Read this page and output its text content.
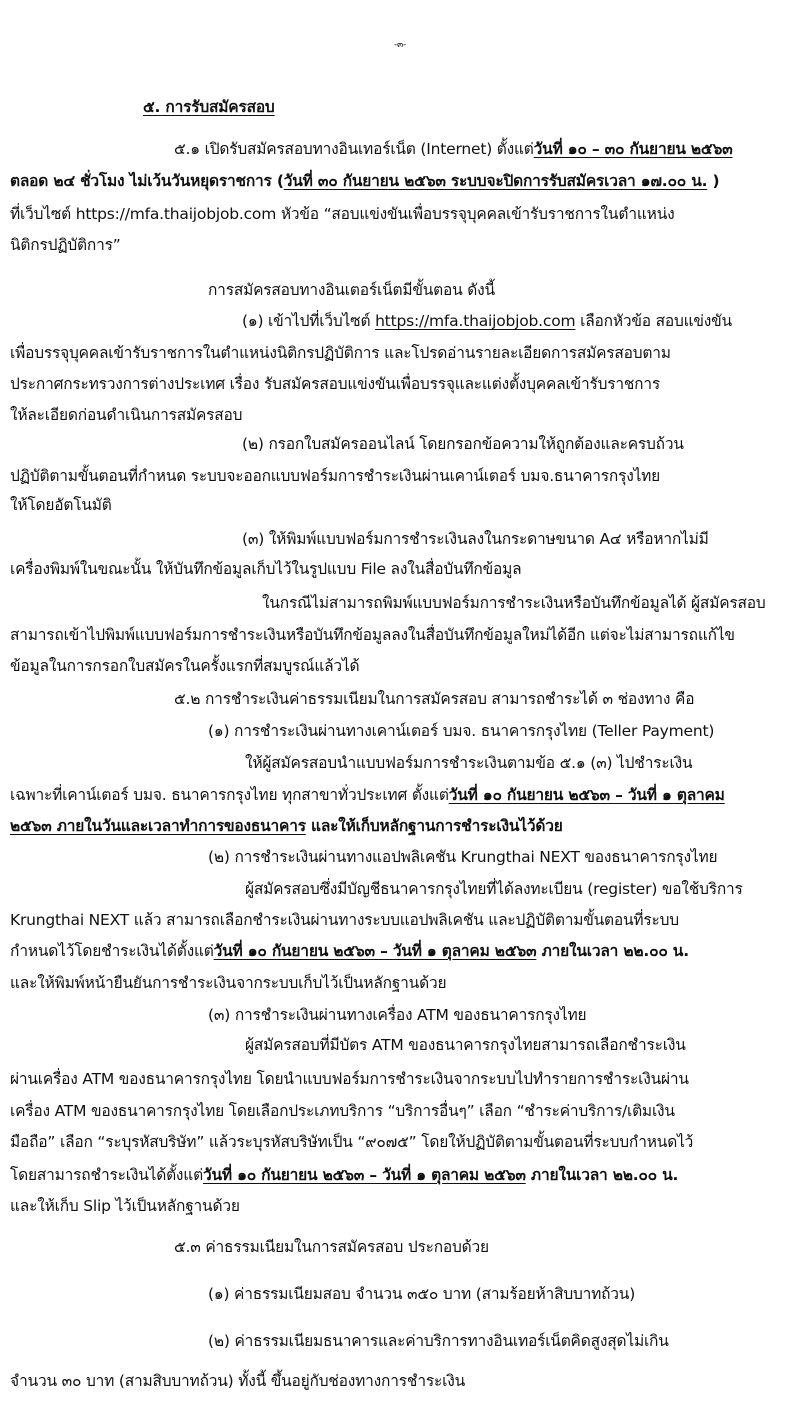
-๓-
๕. การรับสมัครสอบ
๕.๑ เปิดรับสมัครสอบทางอินเทอร์เน็ต (Internet) ตั้งแต่วันที่ ๑๐ – ๓๐ กันยายน ๒๕๖๓
ตลอด ๒๔ ชั่วโมง ไม่เว้นวันหยุดราชการ (วันที่ ๓๐ กันยายน ๒๕๖๓ ระบบจะปิดการรับสมัครเวลา ๑๗.๐๐ น. )
ที่เว็บไซต์ https://mfa.thaijobjob.com หัวข้อ “สอบแข่งขันเพื่อบรรจุบุคคลเข้ารับราชการในตำแหน่ง
นิติกรปฏิบัติการ”
การสมัครสอบทางอินเตอร์เน็ตมีขั้นตอน ดังนี้
(๑) เข้าไปที่เว็บไซต์ https://mfa.thaijobjob.com เลือกหัวข้อ สอบแข่งขัน
เพื่อบรรจุบุคคลเข้ารับราชการในตำแหน่งนิติกรปฏิบัติการ และโปรดอ่านรายละเอียดการสมัครสอบตาม
ประกาศกระทรวงการต่างประเทศ เรื่อง รับสมัครสอบแข่งขันเพื่อบรรจุและแต่งตั้งบุคคลเข้ารับราชการ
ให้ละเอียดก่อนดำเนินการสมัครสอบ
(๒) กรอกใบสมัครออนไลน์ โดยกรอกข้อความให้ถูกต้องและครบถ้วน
ปฏิบัติตามขั้นตอนที่กำหนด ระบบจะออกแบบฟอร์มการชำระเงินผ่านเคาน์เตอร์ บมจ.ธนาคารกรุงไทย
ให้โดยอัตโนมัติ
(๓) ให้พิมพ์แบบฟอร์มการชำระเงินลงในกระดาษขนาด A๔ หรือหากไม่มี
เครื่องพิมพ์ในขณะนั้น ให้บันทึกข้อมูลเก็บไว้ในรูปแบบ File ลงในสื่อบันทึกข้อมูล
ในกรณีไม่สามารถพิมพ์แบบฟอร์มการชำระเงินหรือบันทึกข้อมูลได้ ผู้สมัครสอบ
สามารถเข้าไปพิมพ์แบบฟอร์มการชำระเงินหรือบันทึกข้อมูลลงในสื่อบันทึกข้อมูลใหม่ได้อีก แต่จะไม่สามารถแก้ไข
ข้อมูลในการกรอกใบสมัครในครั้งแรกที่สมบูรณ์แล้วได้
๕.๒ การชำระเงินค่าธรรมเนียมในการสมัครสอบ สามารถชำระได้ ๓ ช่องทาง คือ
(๑) การชำระเงินผ่านทางเคาน์เตอร์ บมจ. ธนาคารกรุงไทย (Teller Payment)
ให้ผู้สมัครสอบนำแบบฟอร์มการชำระเงินตามข้อ ๕.๑ (๓) ไปชำระเงิน
เฉพาะที่เคาน์เตอร์ บมจ. ธนาคารกรุงไทย ทุกสาขาทั่วประเทศ ตั้งแต่วันที่ ๑๐ กันยายน ๒๕๖๓ – วันที่ ๑ ตุลาคม
๒๕๖๓ ภายในวันและเวลาทำการของธนาคาร และให้เก็บหลักฐานการชำระเงินไว้ด้วย
(๒) การชำระเงินผ่านทางแอปพลิเคชัน Krungthai NEXT ของธนาคารกรุงไทย
ผู้สมัครสอบซึ่งมีบัญชีธนาคารกรุงไทยที่ได้ลงทะเบียน (register) ขอใช้บริการ
Krungthai NEXT แล้ว สามารถเลือกชำระเงินผ่านทางระบบแอปพลิเคชัน และปฏิบัติตามขั้นตอนที่ระบบ
กำหนดไว้โดยชำระเงินได้ตั้งแต่วันที่ ๑๐ กันยายน ๒๕๖๓ – วันที่ ๑ ตุลาคม ๒๕๖๓ ภายในเวลา ๒๒.๐๐ น.
และให้พิมพ์หน้ายืนยันการชำระเงินจากระบบเก็บไว้เป็นหลักฐานด้วย
(๓) การชำระเงินผ่านทางเครื่อง ATM ของธนาคารกรุงไทย
ผู้สมัครสอบที่มีบัตร ATM ของธนาคารกรุงไทยสามารถเลือกชำระเงิน
ผ่านเครื่อง ATM ของธนาคารกรุงไทย โดยนำแบบฟอร์มการชำระเงินจากระบบไปทำรายการชำระเงินผ่าน
เครื่อง ATM ของธนาคารกรุงไทย โดยเลือกประเภทบริการ “บริการอื่นๆ” เลือก “ชำระค่าบริการ/เติมเงิน
มือถือ” เลือก “ระบุรหัสบริษัท” แล้วระบุรหัสบริษัทเป็น “๙๐๗๕” โดยให้ปฏิบัติตามขั้นตอนที่ระบบกำหนดไว้
โดยสามารถชำระเงินได้ตั้งแต่วันที่ ๑๐ กันยายน ๒๕๖๓ – วันที่ ๑ ตุลาคม ๒๕๖๓ ภายในเวลา ๒๒.๐๐ น.
และให้เก็บ Slip ไว้เป็นหลักฐานด้วย
๕.๓ ค่าธรรมเนียมในการสมัครสอบ ประกอบด้วย
(๑) ค่าธรรมเนียมสอบ จำนวน ๓๕๐ บาท (สามร้อยห้าสิบบาทถ้วน)
(๒) ค่าธรรมเนียมธนาคารและค่าบริการทางอินเทอร์เน็ตคิดสูงสุดไม่เกิน
จำนวน ๓๐ บาท (สามสิบบาทถ้วน) ทั้งนี้ ขึ้นอยู่กับช่องทางการชำระเงิน
